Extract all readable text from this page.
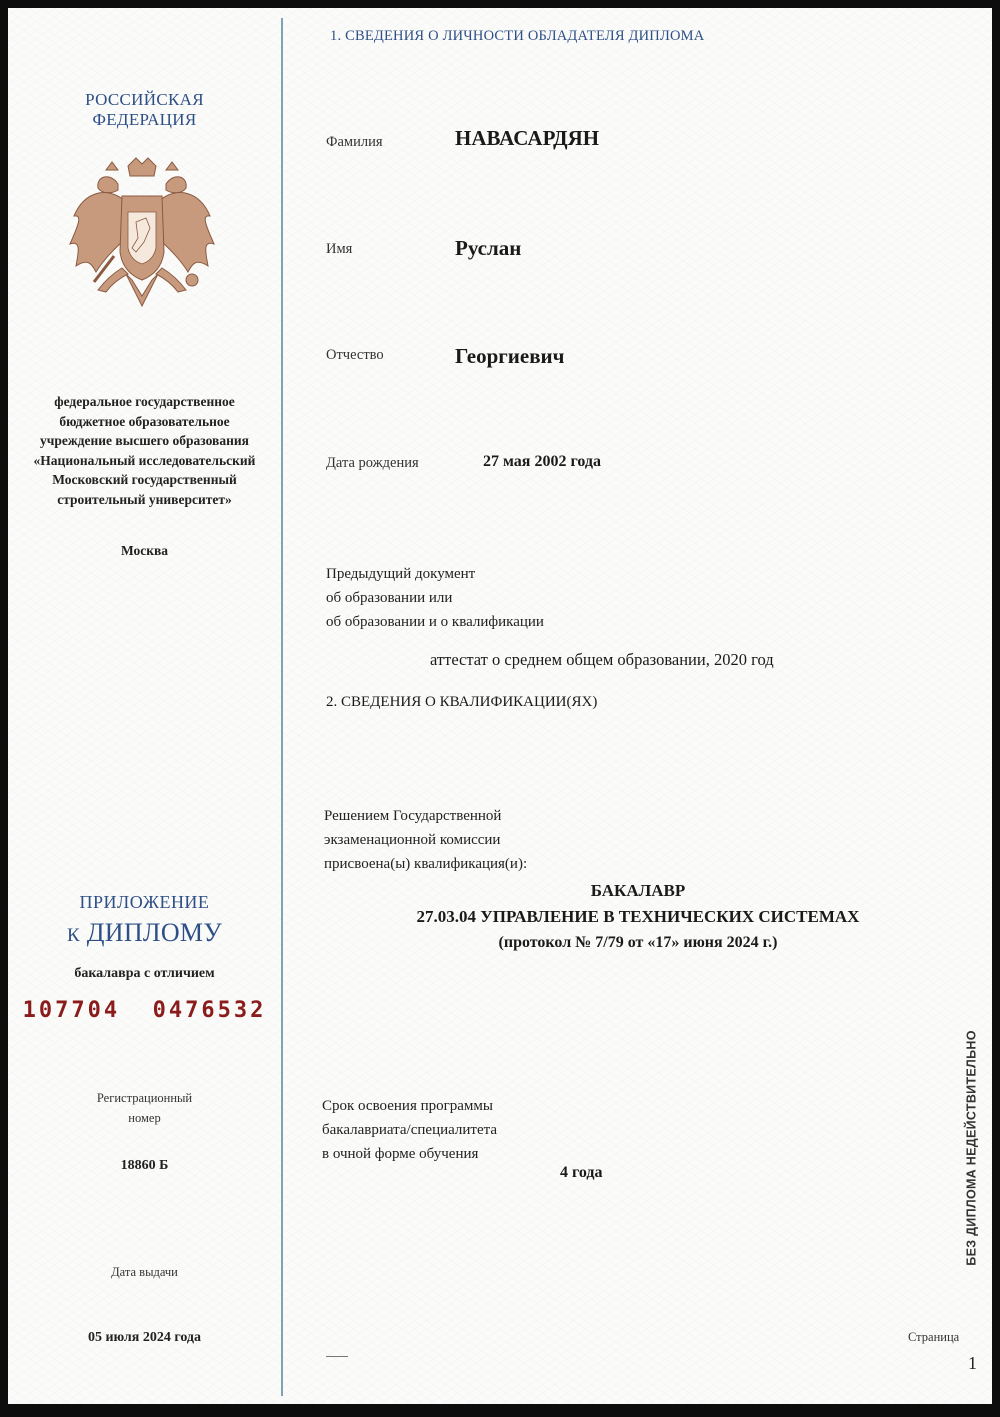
РОССИЙСКАЯ
ФЕДЕРАЦИЯ
федеральное государственное
бюджетное образовательное
учреждение высшего образования
«Национальный исследовательский
Московский государственный
строительный университет»
Москва
ПРИЛОЖЕНИЕ
К ДИПЛОМУ
бакалавра с отличием
107704  0476532
Регистрационный
номер
18860 Б
Дата выдачи
05 июля 2024 года
1. СВЕДЕНИЯ О ЛИЧНОСТИ ОБЛАДАТЕЛЯ ДИПЛОМА
Фамилия	НАВАСАРДЯН
Имя	Руслан
Отчество	Георгиевич
Дата рождения	27 мая 2002 года
Предыдущий документ
об образовании или
об образовании и о квалификации
аттестат о среднем общем образовании, 2020 год
2. СВЕДЕНИЯ О КВАЛИФИКАЦИИ(ЯХ)
Решением Государственной
экзаменационной комиссии
присвоена(ы) квалификация(и):
БАКАЛАВР
27.03.04 УПРАВЛЕНИЕ В ТЕХНИЧЕСКИХ СИСТЕМАХ
(протокол № 7/79 от «17» июня 2024 г.)
Срок освоения программы
бакалавриата/специалитета
в очной форме обучения
4 года	БЕЗ ДИПЛОМА НЕДЕЙСТВИТЕЛЬНО
Страница
1
